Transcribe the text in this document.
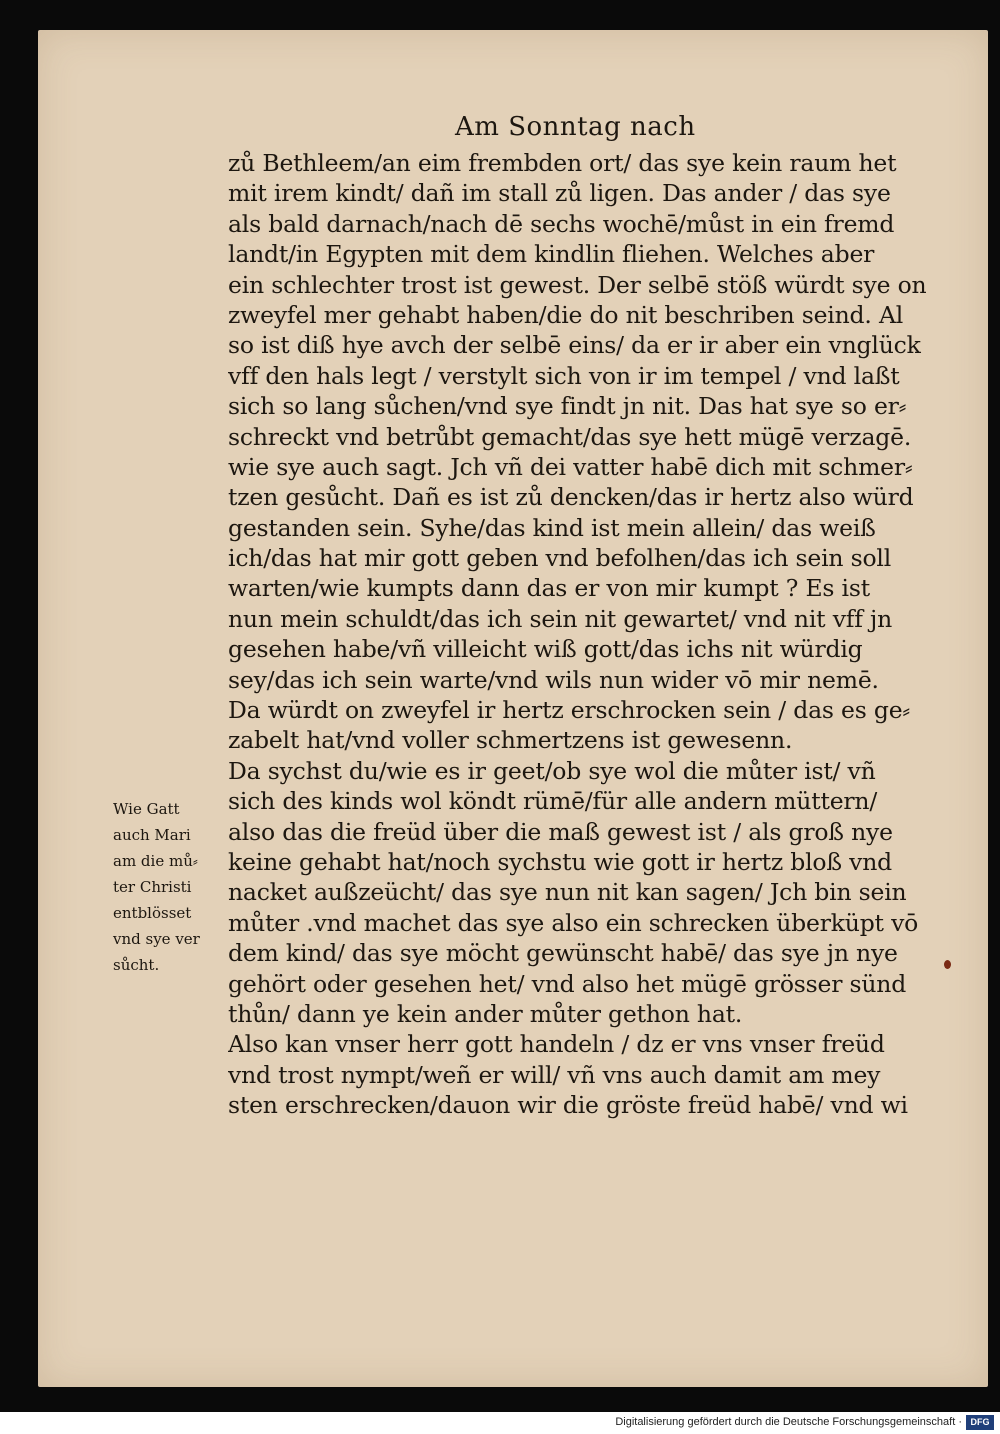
Am Sonntag nach
zů Bethleem/an eim frembden ort/ das sye kein raum het
mit irem kindt/ dañ im stall zů ligen. Das ander / das sye
als bald darnach/nach dē sechs wochē/můst in ein fremd
landt/in Egypten mit dem kindlin fliehen. Welches aber
ein schlechter trost ist gewest. Der selbē stöß würdt sye on
zweyfel mer gehabt haben/die do nit beschriben seind. Al
so ist diß hye avch der selbē eins/ da er ir aber ein vnglück
vff den hals legt / verstylt sich von ir im tempel / vnd laßt
sich so lang sůchen/vnd sye findt jn nit. Das hat sye so er⸗
schreckt vnd betrůbt gemacht/das sye hett mügē verzagē.
wie sye auch sagt. Jch vñ dei vatter habē dich mit schmer⸗
tzen gesůcht. Dañ es ist zů dencken/das ir hertz also würd
gestanden sein. Syhe/das kind ist mein allein/ das weiß
ich/das hat mir gott geben vnd befolhen/das ich sein soll
warten/wie kumpts dann das er von mir kumpt ? Es ist
nun mein schuldt/das ich sein nit gewartet/ vnd nit vff jn
gesehen habe/vñ villeicht wiß gott/das ichs nit würdig
sey/das ich sein warte/vnd wils nun wider vō mir nemē.
Da würdt on zweyfel ir hertz erschrocken sein / das es ge⸗
zabelt hat/vnd voller schmertzens ist gewesenn.
Da sychst du/wie es ir geet/ob sye wol die můter ist/ vñ
sich des kinds wol köndt rümē/für alle andern müttern/
also das die freüd über die maß gewest ist / als groß nye
keine gehabt hat/noch sychstu wie gott ir hertz bloß vnd
nacket außzeücht/ das sye nun nit kan sagen/ Jch bin sein
můter .vnd machet das sye also ein schrecken überküpt vō
dem kind/ das sye möcht gewünscht habē/ das sye jn nye
gehört oder gesehen het/ vnd also het mügē grösser sünd
thůn/ dann ye kein ander můter gethon hat.
Also kan vnser herr gott handeln / dz er vns vnser freüd
vnd trost nympt/weñ er will/ vñ vns auch damit am mey
sten erschrecken/dauon wir die gröste freüd habē/ vnd wi
Wie Gatt
auch Mari
am die mů⸗
ter Christi
entblösset
vnd sye ver
sůcht.
Digitalisierung gefördert durch die Deutsche Forschungsgemeinschaft · DFG
